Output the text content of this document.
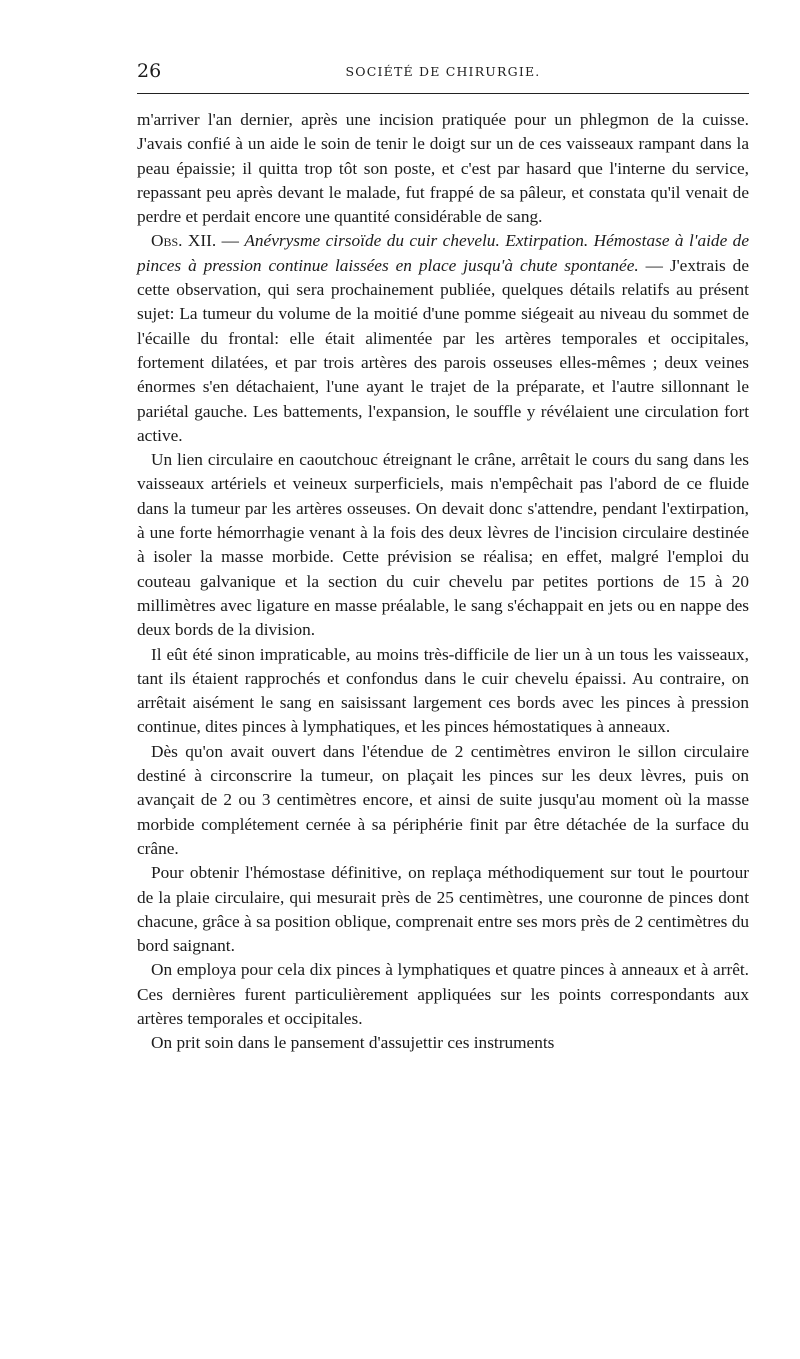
26	SOCIÉTÉ DE CHIRURGIE.

m'arriver l'an dernier, après une incision pratiquée pour un phlegmon de la cuisse. J'avais confié à un aide le soin de tenir le doigt sur un de ces vaisseaux rampant dans la peau épaissie; il quitta trop tôt son poste, et c'est par hasard que l'interne du service, repassant peu après devant le malade, fut frappé de sa pâleur, et constata qu'il venait de perdre et perdait encore une quantité considérable de sang.

Obs. XII. — Anévrysme cirsoïde du cuir chevelu. Extirpation. Hémostase à l'aide de pinces à pression continue laissées en place jusqu'à chute spontanée. — J'extrais de cette observation, qui sera prochainement publiée, quelques détails relatifs au présent sujet: La tumeur du volume de la moitié d'une pomme siégeait au niveau du sommet de l'écaille du frontal: elle était alimentée par les artères temporales et occipitales, fortement dilatées, et par trois artères des parois osseuses elles-mêmes ; deux veines énormes s'en détachaient, l'une ayant le trajet de la préparate, et l'autre sillonnant le pariétal gauche. Les battements, l'expansion, le souffle y révélaient une circulation fort active.

Un lien circulaire en caoutchouc étreignant le crâne, arrêtait le cours du sang dans les vaisseaux artériels et veineux surperficiels, mais n'empêchait pas l'abord de ce fluide dans la tumeur par les artères osseuses. On devait donc s'attendre, pendant l'extirpation, à une forte hémorrhagie venant à la fois des deux lèvres de l'incision circulaire destinée à isoler la masse morbide. Cette prévision se réalisa; en effet, malgré l'emploi du couteau galvanique et la section du cuir chevelu par petites portions de 15 à 20 millimètres avec ligature en masse préalable, le sang s'échappait en jets ou en nappe des deux bords de la division.

Il eût été sinon impraticable, au moins très-difficile de lier un à un tous les vaisseaux, tant ils étaient rapprochés et confondus dans le cuir chevelu épaissi. Au contraire, on arrêtait aisément le sang en saisissant largement ces bords avec les pinces à pression continue, dites pinces à lymphatiques, et les pinces hémostatiques à anneaux.

Dès qu'on avait ouvert dans l'étendue de 2 centimètres environ le sillon circulaire destiné à circonscrire la tumeur, on plaçait les pinces sur les deux lèvres, puis on avançait de 2 ou 3 centimètres encore, et ainsi de suite jusqu'au moment où la masse morbide complétement cernée à sa périphérie finit par être détachée de la surface du crâne.

Pour obtenir l'hémostase définitive, on replaça méthodiquement sur tout le pourtour de la plaie circulaire, qui mesurait près de 25 centimètres, une couronne de pinces dont chacune, grâce à sa position oblique, comprenait entre ses mors près de 2 centimètres du bord saignant.

On employa pour cela dix pinces à lymphatiques et quatre pinces à anneaux et à arrêt. Ces dernières furent particulièrement appliquées sur les points correspondants aux artères temporales et occipitales.

On prit soin dans le pansement d'assujettir ces instruments
